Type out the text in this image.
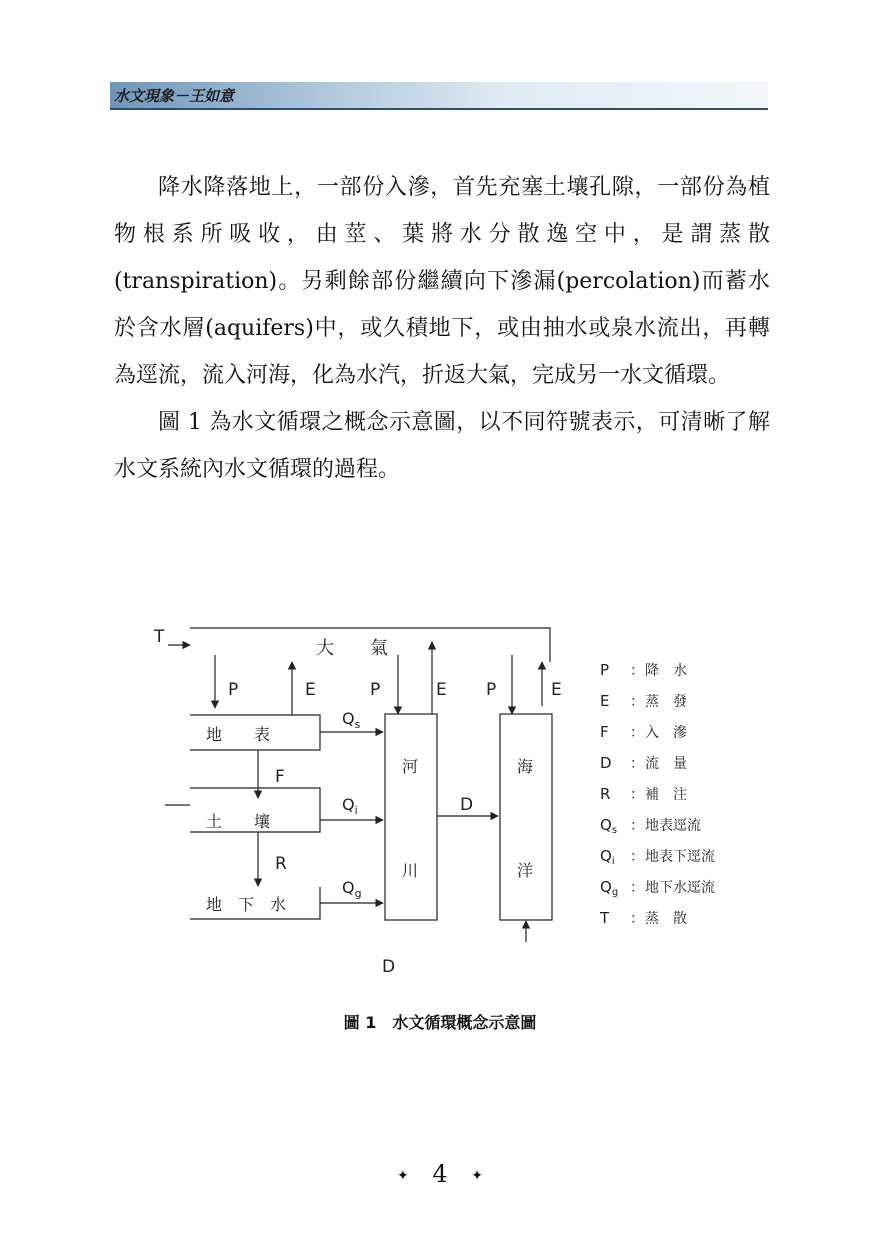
水文現象－王如意

降水降落地上，一部份入滲，首先充塞土壤孔隙，一部份為植物根系所吸收，由莖、葉將水分散逸空中，是謂蒸散(transpiration)。另剩餘部份繼續向下滲漏(percolation)而蓄水於含水層(aquifers)中，或久積地下，或由抽水或泉水流出，再轉為逕流，流入河海，化為水汽，折返大氣，完成另一水文循環。

圖 1 為水文循環之概念示意圖，以不同符號表示，可清晰了解水文系統內水文循環的過程。

T
大　　氣
P	E	P	E P	E
地　　表
土　　壤
地　下　水
F
R
$Q_s$
$Q_i$
$Q_g$
河
川
海
洋
D
D
P ： 降　水
E ： 蒸　發
F ： 入　滲
D ： 流　量
R ： 補　注
$Q_s$ ： 地表逕流
$Q_i$ ： 地表下逕流
$Q_g$ ： 地下水逕流
T ： 蒸　散
圖 1　水文循環概念示意圖
✦ 4 ✦
